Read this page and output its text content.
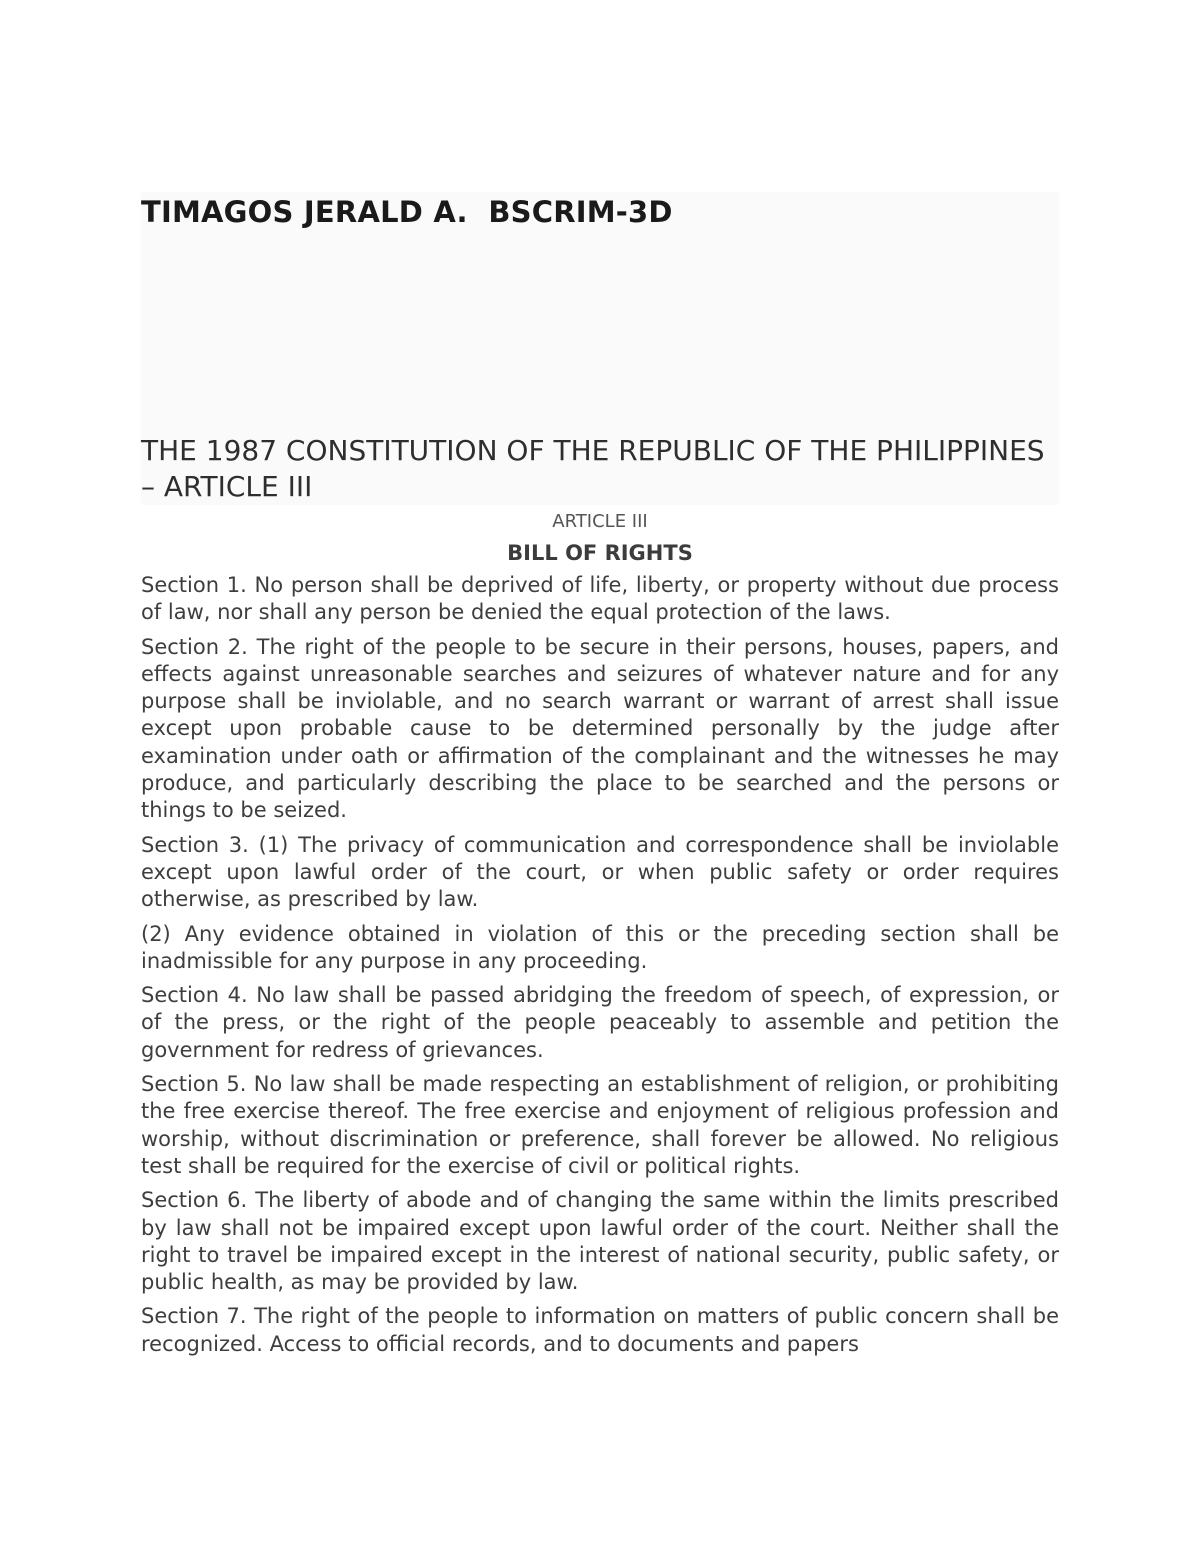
TIMAGOS JERALD A. BSCRIM-3D
THE 1987 CONSTITUTION OF THE REPUBLIC OF THE PHILIPPINES – ARTICLE III

ARTICLE III

BILL OF RIGHTS

Section 1. No person shall be deprived of life, liberty, or property without due process of law, nor shall any person be denied the equal protection of the laws.

Section 2. The right of the people to be secure in their persons, houses, papers, and effects against unreasonable searches and seizures of whatever nature and for any purpose shall be inviolable, and no search warrant or warrant of arrest shall issue except upon probable cause to be determined personally by the judge after examination under oath or affirmation of the complainant and the witnesses he may produce, and particularly describing the place to be searched and the persons or things to be seized.

Section 3. (1) The privacy of communication and correspondence shall be inviolable except upon lawful order of the court, or when public safety or order requires otherwise, as prescribed by law.

(2) Any evidence obtained in violation of this or the preceding section shall be inadmissible for any purpose in any proceeding.

Section 4. No law shall be passed abridging the freedom of speech, of expression, or of the press, or the right of the people peaceably to assemble and petition the government for redress of grievances.

Section 5. No law shall be made respecting an establishment of religion, or prohibiting the free exercise thereof. The free exercise and enjoyment of religious profession and worship, without discrimination or preference, shall forever be allowed. No religious test shall be required for the exercise of civil or political rights.

Section 6. The liberty of abode and of changing the same within the limits prescribed by law shall not be impaired except upon lawful order of the court. Neither shall the right to travel be impaired except in the interest of national security, public safety, or public health, as may be provided by law.

Section 7. The right of the people to information on matters of public concern shall be recognized. Access to official records, and to documents and papers
